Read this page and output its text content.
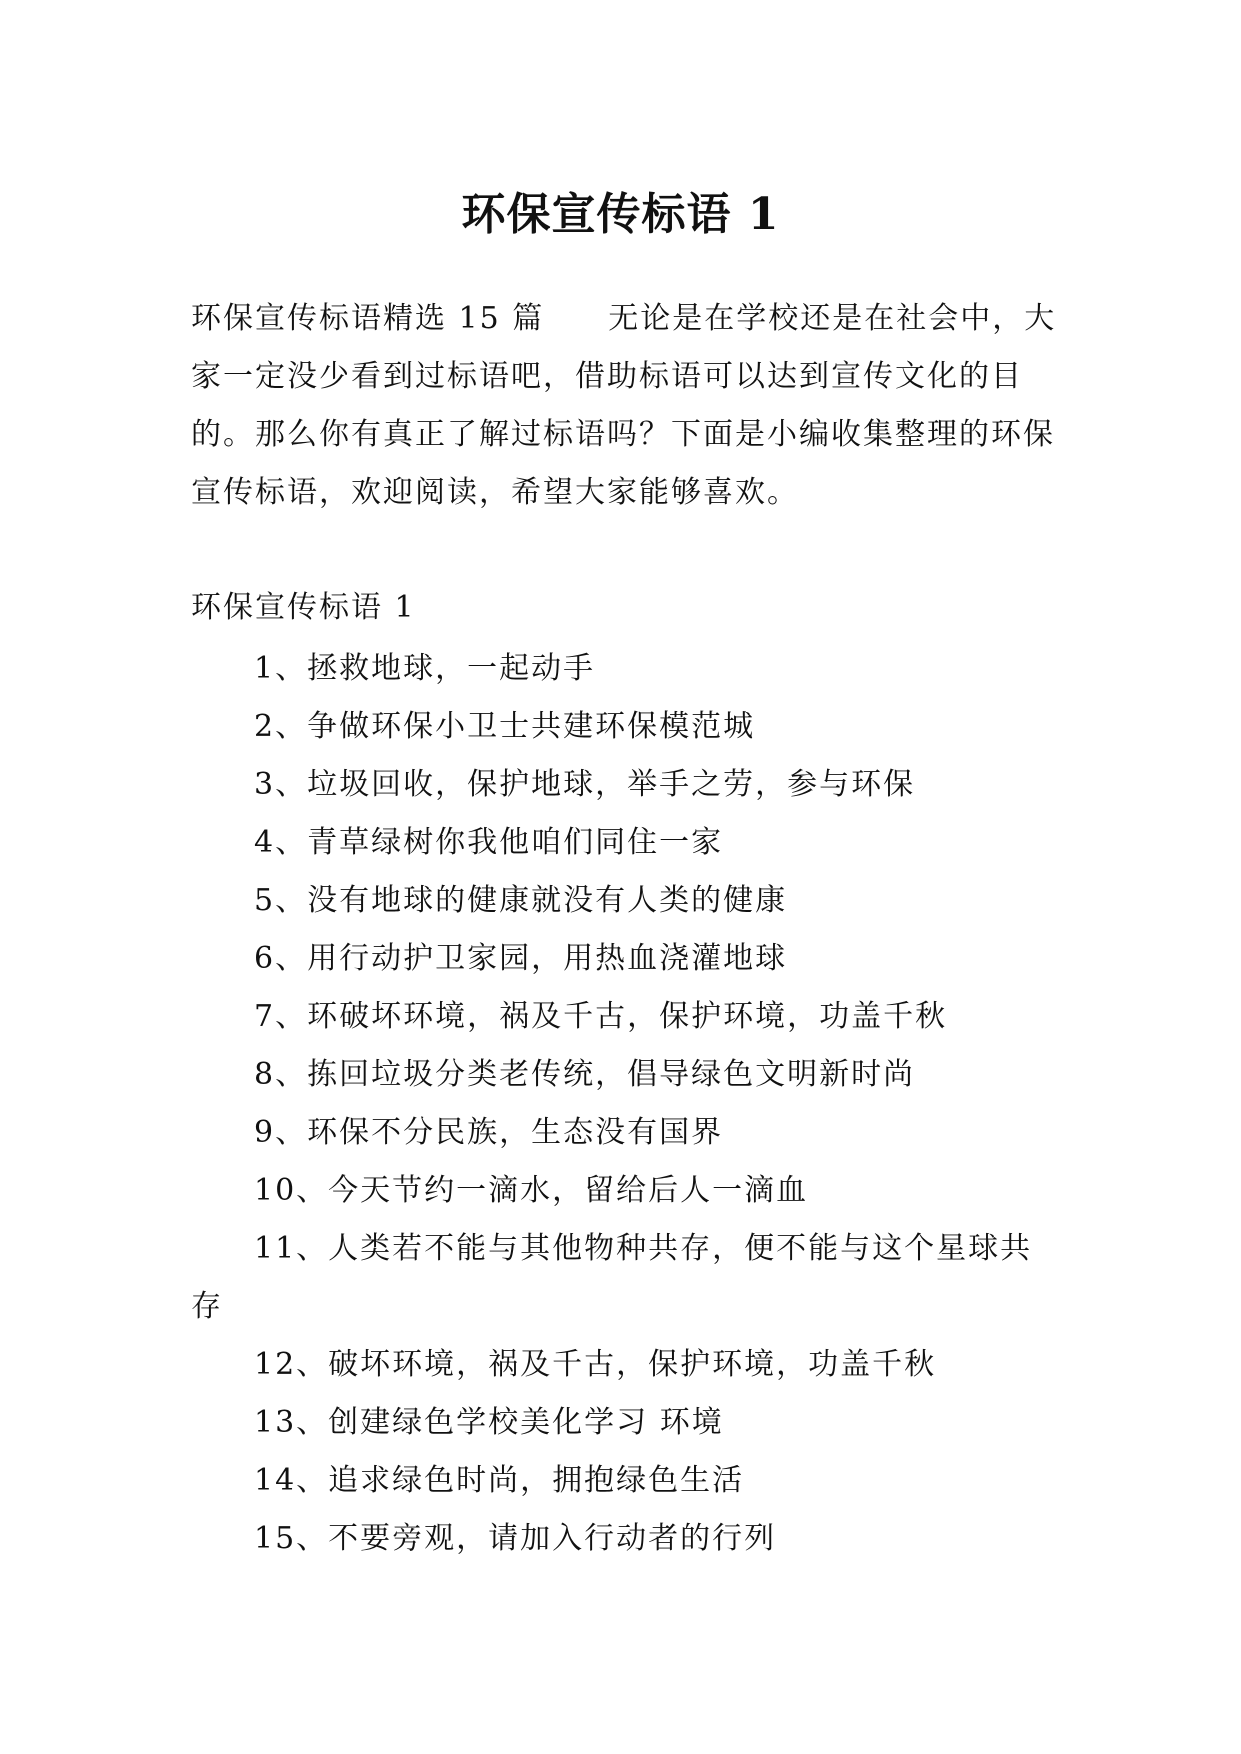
环保宣传标语 1

环保宣传标语精选 15 篇 无论是在学校还是在社会中，大家一定没少看到过标语吧，借助标语可以达到宣传文化的目的。那么你有真正了解过标语吗？下面是小编收集整理的环保宣传标语，欢迎阅读，希望大家能够喜欢。

环保宣传标语 1

1、拯救地球，一起动手
2、争做环保小卫士共建环保模范城
3、垃圾回收，保护地球，举手之劳，参与环保
4、青草绿树你我他咱们同住一家
5、没有地球的健康就没有人类的健康
6、用行动护卫家园，用热血浇灌地球
7、环破坏环境，祸及千古，保护环境，功盖千秋
8、拣回垃圾分类老传统，倡导绿色文明新时尚
9、环保不分民族，生态没有国界
10、今天节约一滴水，留给后人一滴血
11、人类若不能与其他物种共存，便不能与这个星球共存
12、破坏环境，祸及千古，保护环境，功盖千秋
13、创建绿色学校美化学习 环境
14、追求绿色时尚，拥抱绿色生活
15、不要旁观，请加入行动者的行列
